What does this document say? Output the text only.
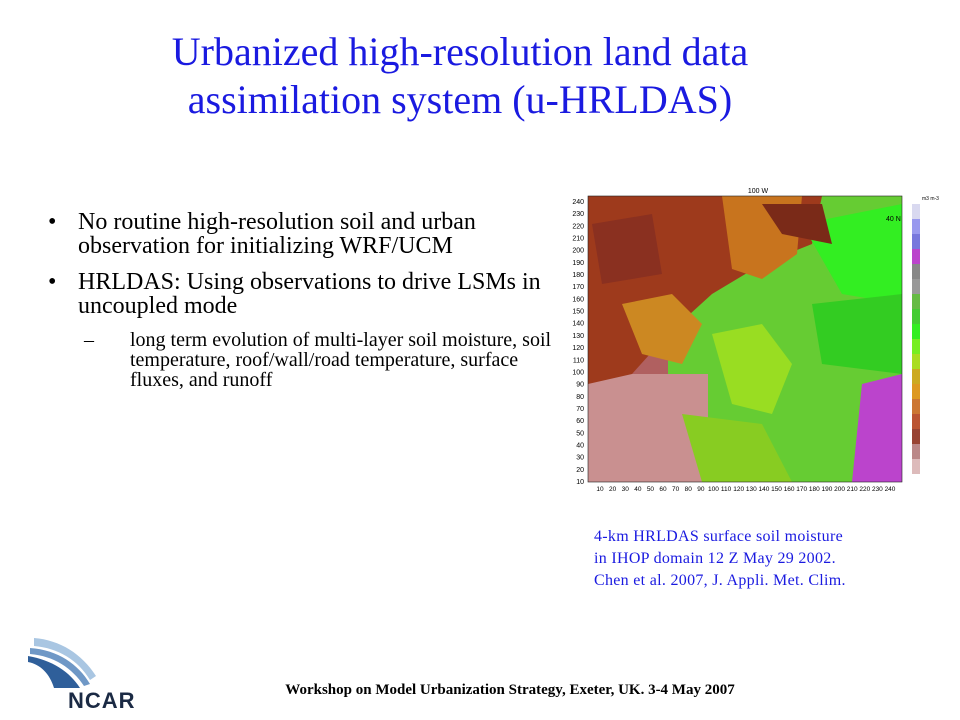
Urbanized high-resolution land data
assimilation system (u-HRLDAS)
• No routine high-resolution soil and urban observation for initializing WRF/UCM
• HRLDAS: Using observations to drive LSMs in uncoupled mode
– long term evolution of multi-layer soil moisture, soil temperature, roof/wall/road temperature, surface fluxes, and runoff
100 W
40 N
240
230
220
210
200
190
180
170
160
150
140
130
120
110
100
90
80
70
60
50
40
30
20
10
10 20 30 40 50 60 70 80 90 100 110 120 130 140 150 160 170 180 190 200 210 220 230 240
m3 m-3
4-km HRLDAS surface soil moisture
in IHOP domain 12 Z May 29 2002.
Chen et al. 2007, J. Appli. Met. Clim.
NCAR	Workshop on Model Urbanization Strategy, Exeter, UK. 3-4 May 2007
